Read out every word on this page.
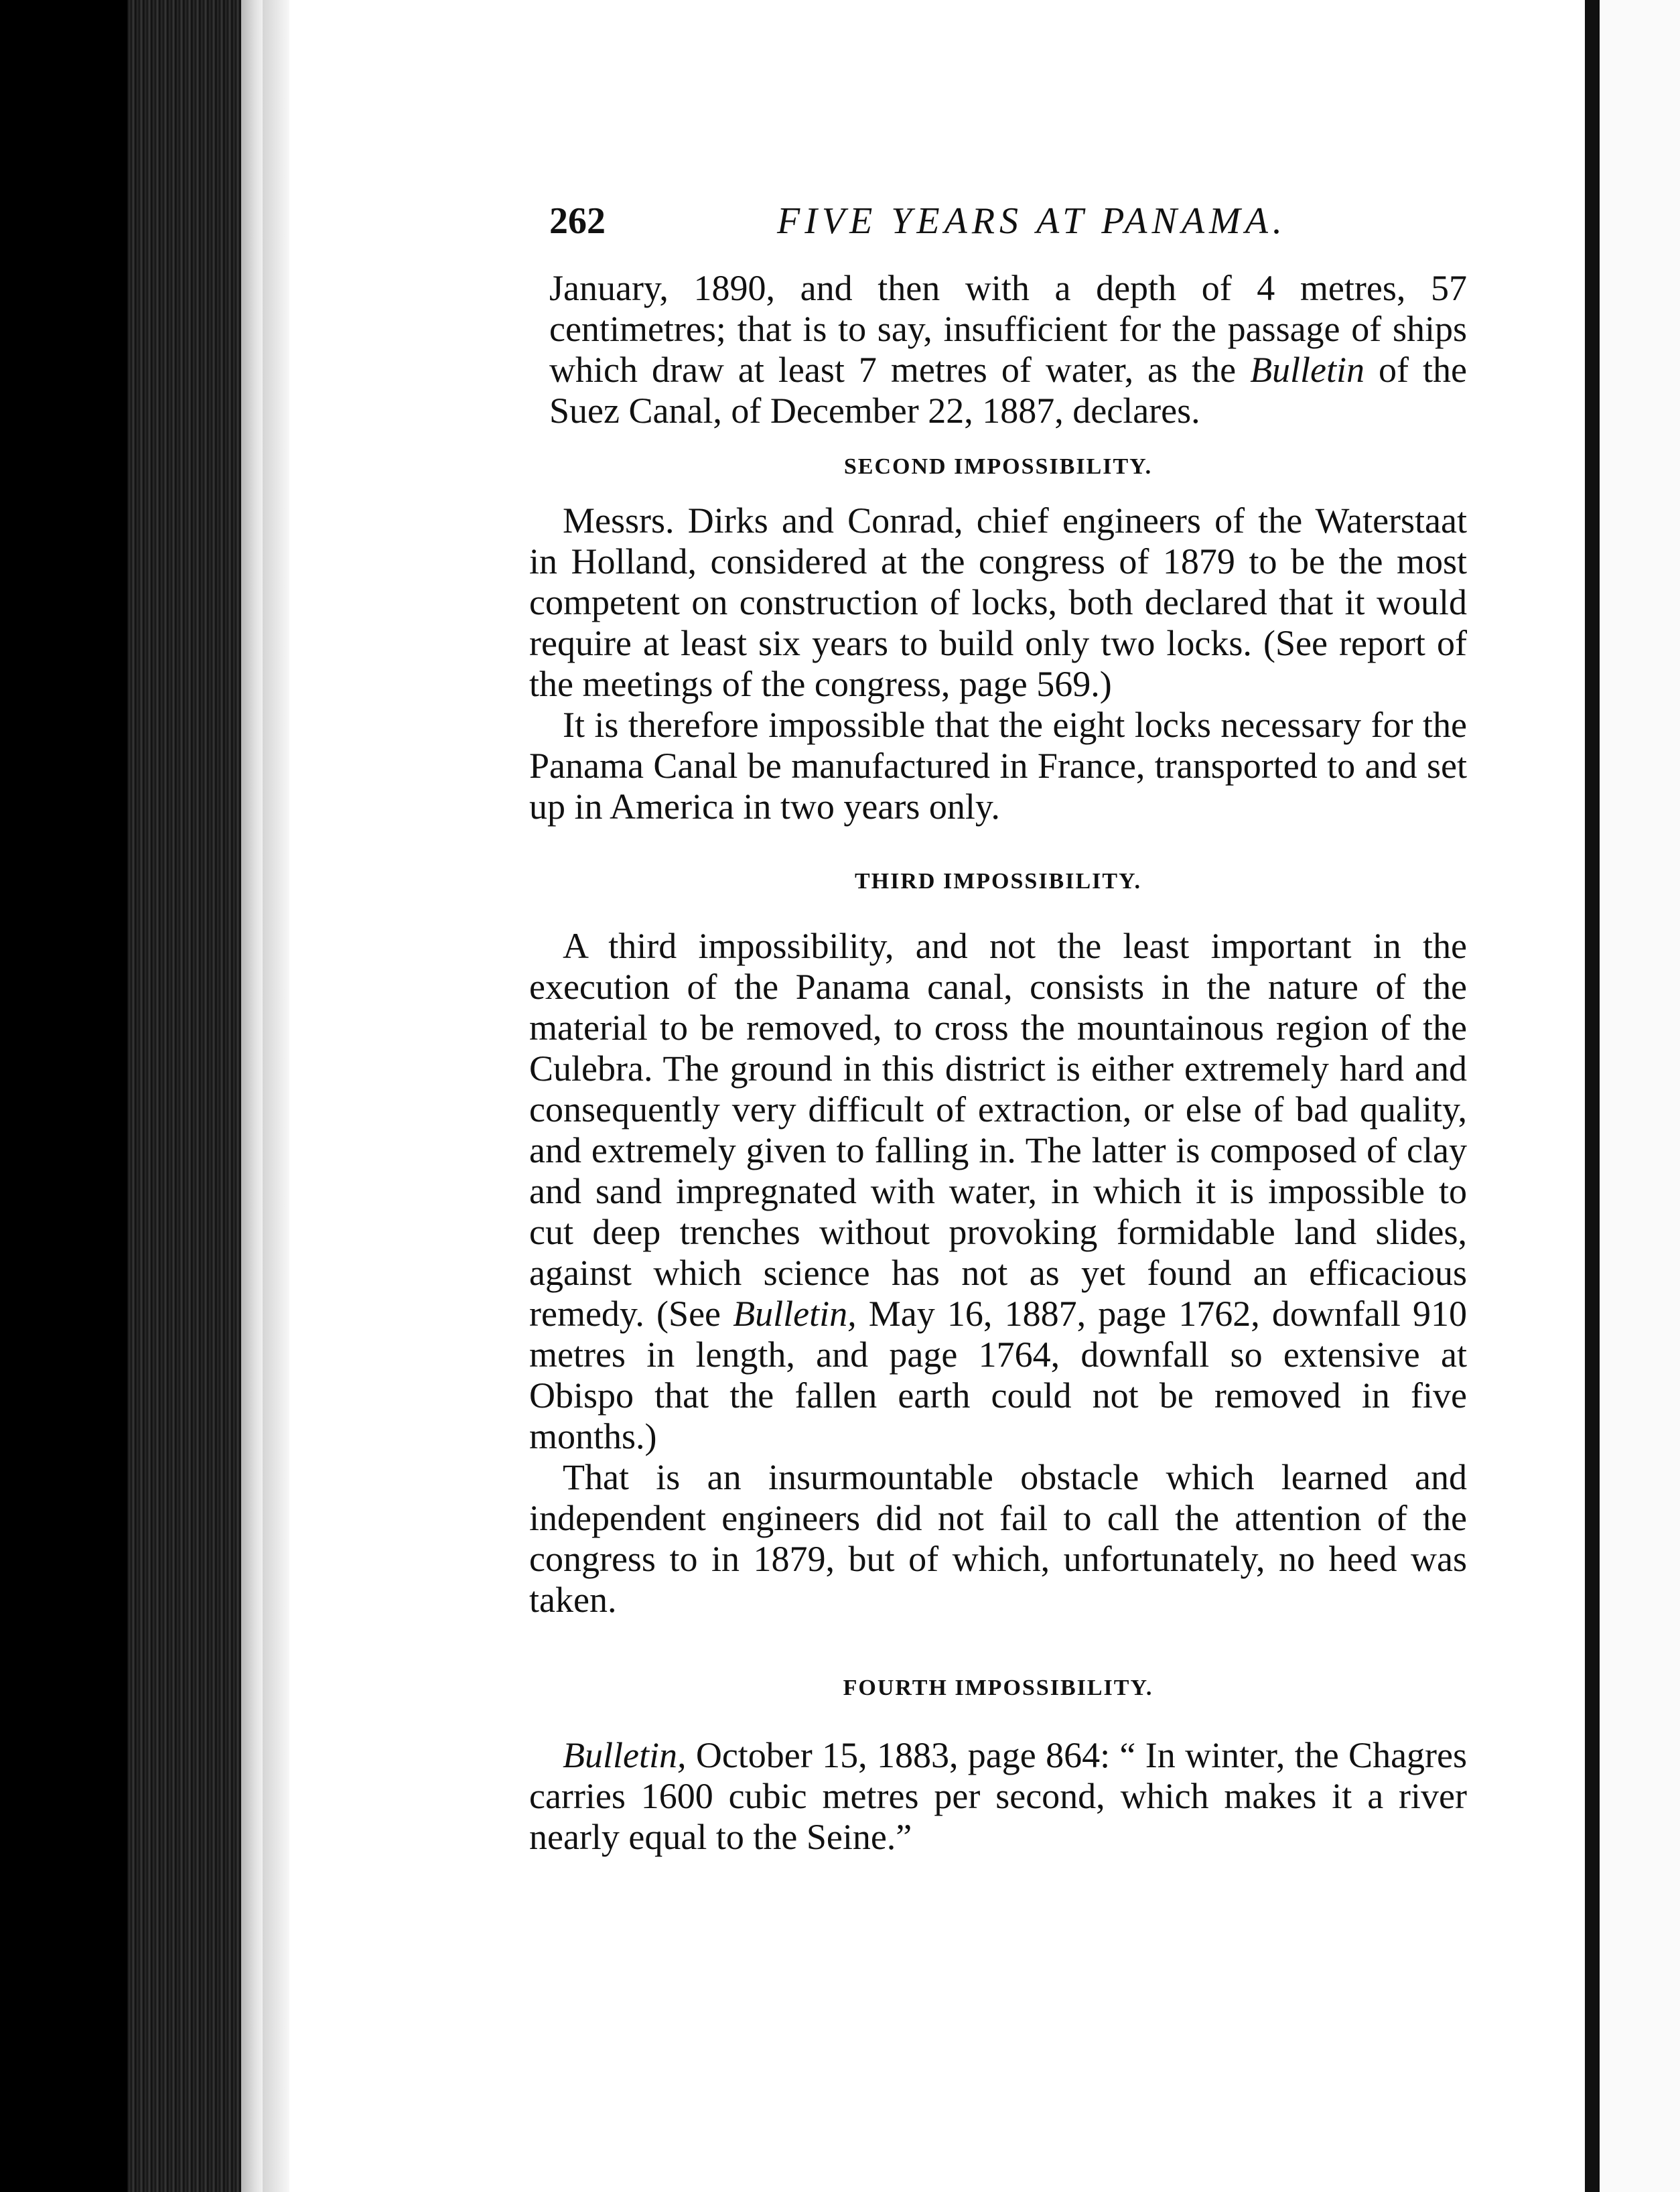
262	FIVE YEARS AT PANAMA.

January, 1890, and then with a depth of 4 metres, 57 centimetres; that is to say, insufficient for the passage of ships which draw at least 7 metres of water, as the Bulletin of the Suez Canal, of December 22, 1887, declares.

SECOND IMPOSSIBILITY.

Messrs. Dirks and Conrad, chief engineers of the Waterstaat in Holland, considered at the congress of 1879 to be the most competent on construction of locks, both declared that it would require at least six years to build only two locks. (See report of the meetings of the congress, page 569.)

It is therefore impossible that the eight locks necessary for the Panama Canal be manufactured in France, transported to and set up in America in two years only.

THIRD IMPOSSIBILITY.

A third impossibility, and not the least important in the execution of the Panama canal, consists in the nature of the material to be removed, to cross the mountainous region of the Culebra. The ground in this district is either extremely hard and consequently very difficult of extraction, or else of bad quality, and extremely given to falling in. The latter is composed of clay and sand impregnated with water, in which it is impossible to cut deep trenches without provoking formidable land slides, against which science has not as yet found an efficacious remedy. (See Bulletin, May 16, 1887, page 1762, downfall 910 metres in length, and page 1764, downfall so extensive at Obispo that the fallen earth could not be removed in five months.)

That is an insurmountable obstacle which learned and independent engineers did not fail to call the attention of the congress to in 1879, but of which, unfortunately, no heed was taken.

FOURTH IMPOSSIBILITY.

Bulletin, October 15, 1883, page 864: “ In winter, the Chagres carries 1600 cubic metres per second, which makes it a river nearly equal to the Seine.”
